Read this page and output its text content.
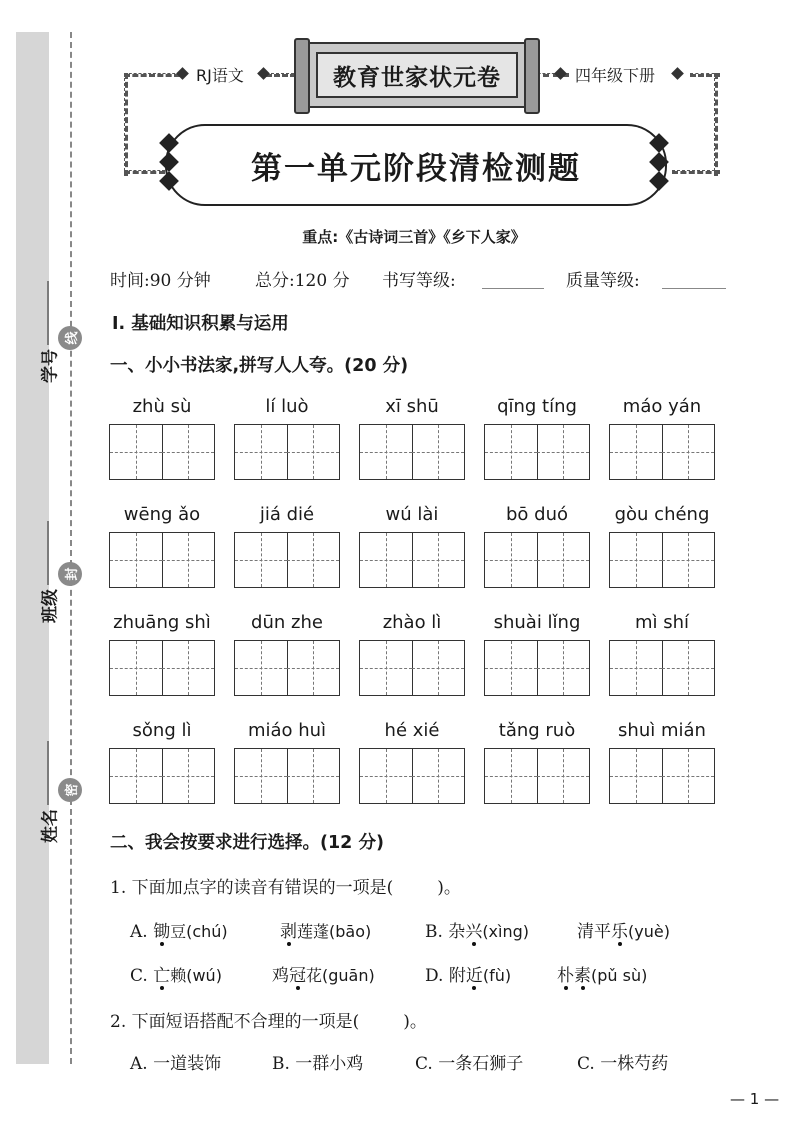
学号
班级
姓名
线
封
密
RJ语文	四年级下册
教育世家状元卷
第一单元阶段清检测题
重点:《古诗词三首》《乡下人家》
时间:90 分钟	总分:120 分 书写等级:	质量等级:
Ⅰ. 基础知识积累与运用
一、小小书法家,拼写人人夸。(20 分)
zhù sù	lí luò	xī shū	qīng tíng	máo yán
wēng ǎo	jiá dié	wú lài	bō duó	gòu chéng
zhuāng shì	dūn zhe	zhào lì	shuài lǐng	mì shí
sǒng lì	miáo huì	hé xié	tǎng ruò	shuì mián
二、我会按要求进行选择。(12 分)
1. 下面加点字的读音有错误的一项是(	)。
A. 锄豆(chú)	剥莲蓬(bāo)	B. 杂兴(xìng)	清平乐(yuè)
C. 亡赖(wú)	鸡冠花(guān)	D. 附近(fù)	朴素(pǔ sù)
2. 下面短语搭配不合理的一项是(	)。
A. 一道装饰	B. 一群小鸡	C. 一条石狮子	C. 一株芍药
— 1 —
